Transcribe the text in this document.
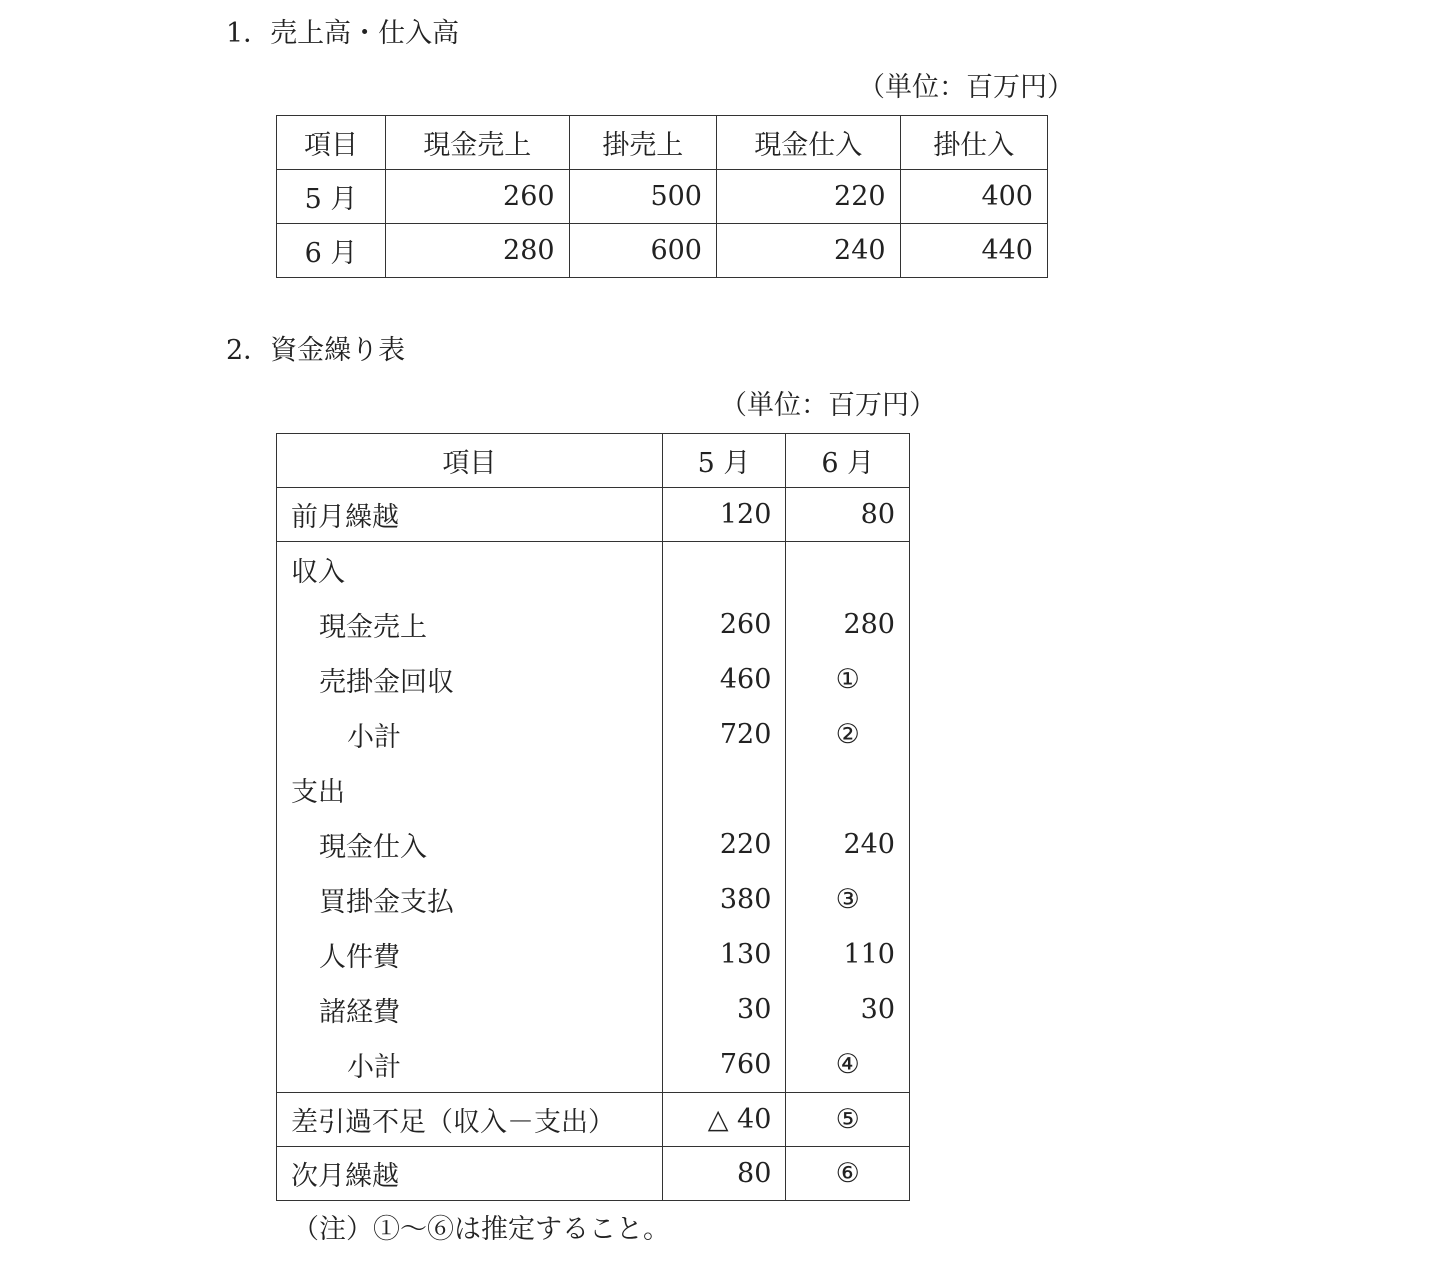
1．売上高・仕入高
（単位：百万円）
項目	現金売上	掛売上	現金仕入	掛仕入
5 月	260	500	220	400
6 月	280	600	240	440
2．資金繰り表
（単位：百万円）
項目	5 月	6 月
前月繰越	120	80
収入		
現金売上	260	280
売掛金回収	460	①
小計	720	②
支出		
現金仕入	220	240
買掛金支払	380	③
人件費	130	110
諸経費	30	30
小計	760	④
差引過不足（収入－支出）	△ 40	⑤
次月繰越	80	⑥
（注）①～⑥は推定すること。
